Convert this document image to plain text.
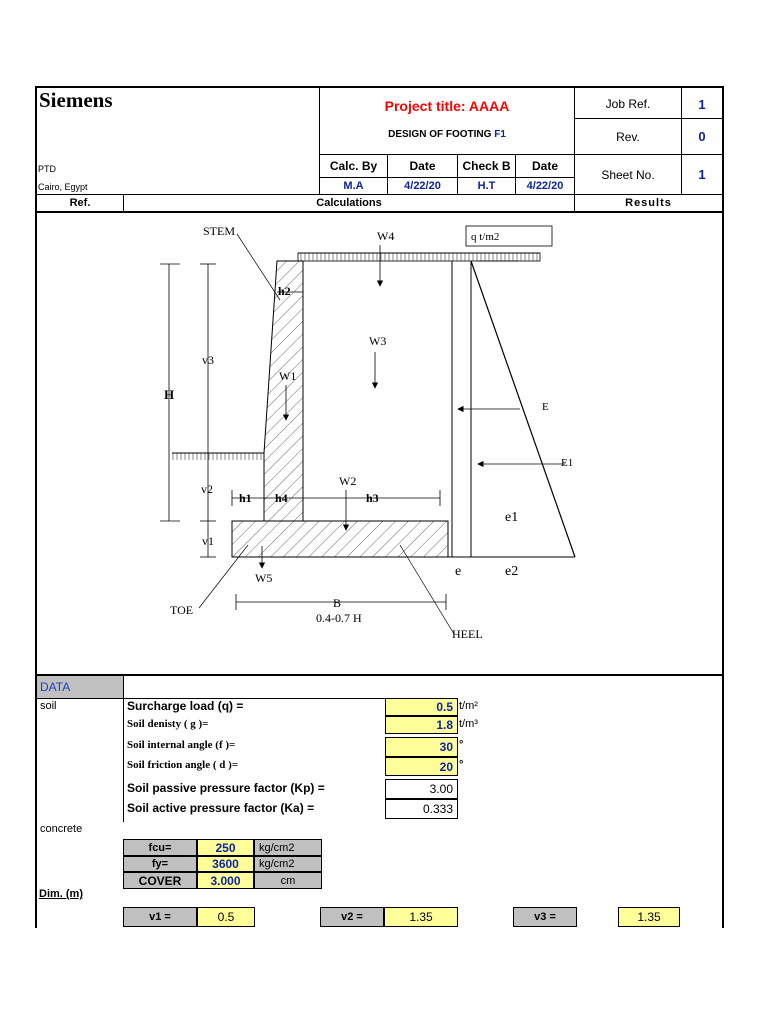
Siemens
PTD
Cairo, Egypt
Project title: AAAA
DESIGN OF FOOTING
F1
Job Ref.	1
Rev.	0
Sheet No.	1
Calc. By	Date	Check B	Date
M.A	4/22/20	H.T	4/22/20
Ref.	Calculations	Results
STEM	W4	q t/m2
h2
W3
v3
H
W1
E
E1
v2
W2
h1 h4	h3
e1
v1
e	e2
W5
B
0.4-0.7 H
TOE
HEEL
DATA
soil
concrete
Dim. (m)
Surcharge load (q) =	0.5 t/m²
Soil denisty ( g )=	1.8 t/m³
Soil internal angle (f )=	30 °
Soil friction angle ( d )=	20 °
Soil passive pressure factor (Kp) =	3.00
Soil active pressure factor (Ka) =	0.333
fcu=	250	kg/cm2
fy=	3600	kg/cm2
COVER	3.000	cm
v1 =	0.5	v2 =	1.35	v3 =	1.35
